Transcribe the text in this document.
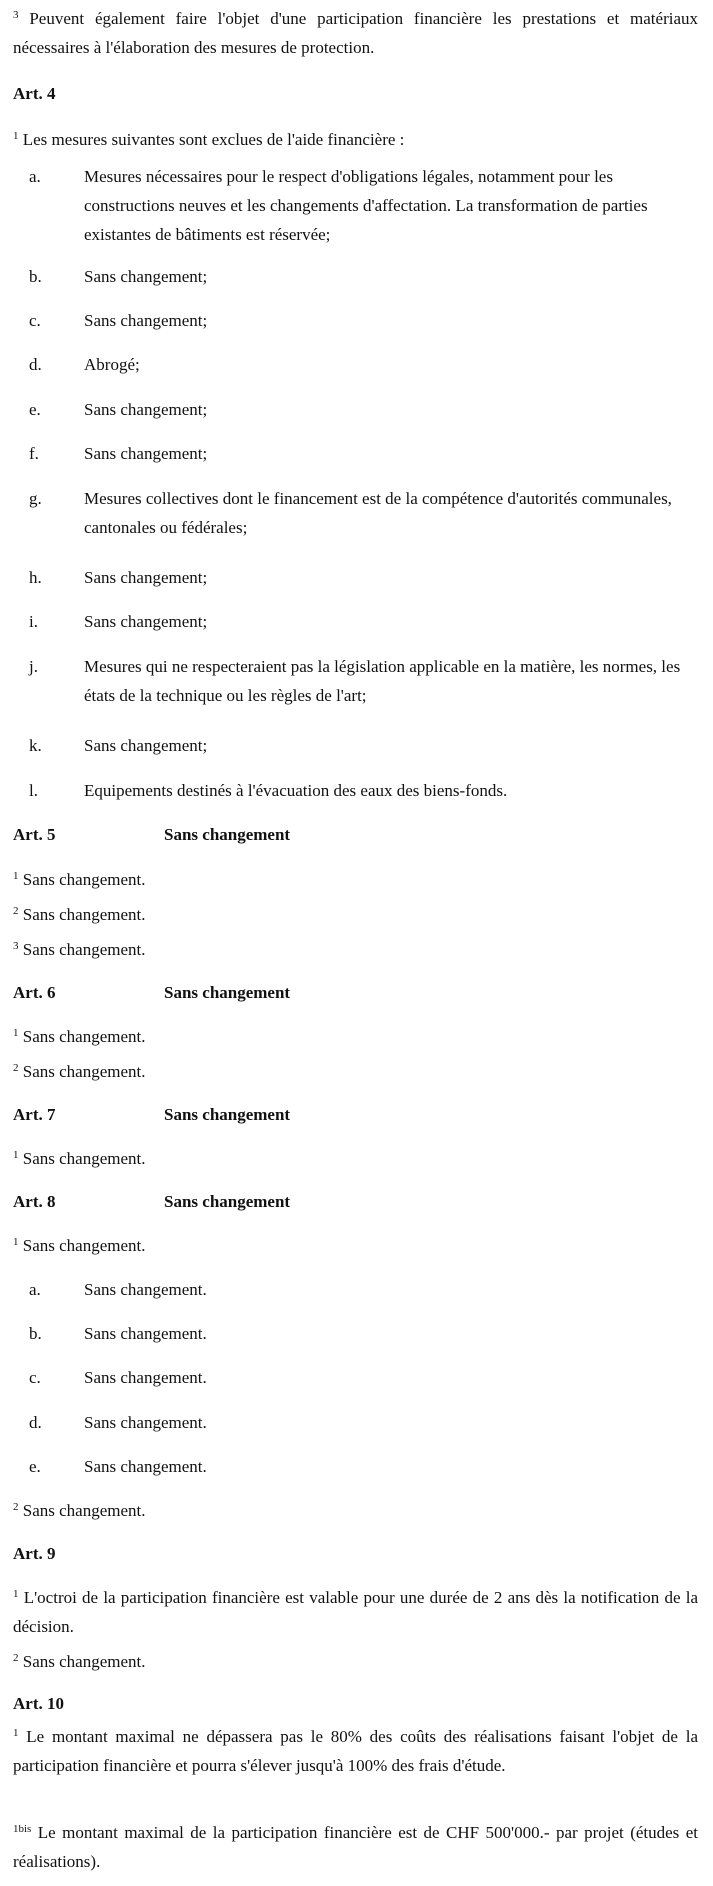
$^3$ Peuvent également faire l'objet d'une participation financière les prestations et matériaux nécessaires à l'élaboration des mesures de protection.
Art. 4
$^1$ Les mesures suivantes sont exclues de l'aide financière :
a.	Mesures nécessaires pour le respect d'obligations légales, notamment pour les constructions neuves et les changements d'affectation. La transformation de parties existantes de bâtiments est réservée;
b. Sans changement;
c.	Sans changement;
d. Abrogé;
e.	Sans changement;
f.	Sans changement;
g. Mesures collectives dont le financement est de la compétence d'autorités communales, cantonales ou fédérales;
h. Sans changement;
i.	Sans changement;
j.	Mesures qui ne respecteraient pas la législation applicable en la matière, les normes, les états de la technique ou les règles de l'art;
k. Sans changement;
l.	Equipements destinés à l'évacuation des eaux des biens-fonds.
Art. 5	Sans changement
$^1$ Sans changement.
$^2$ Sans changement.
$^3$ Sans changement.
Art. 6	Sans changement
$^1$ Sans changement.
$^2$ Sans changement.
Art. 7	Sans changement
$^1$ Sans changement.
Art. 8	Sans changement
$^1$ Sans changement.
a.	Sans changement.
b. Sans changement.
c.	Sans changement.
d. Sans changement.
e.	Sans changement.
$^2$ Sans changement.
Art. 9
$^1$ L'octroi de la participation financière est valable pour une durée de 2 ans dès la notification de la décision.
$^2$ Sans changement.
Art. 10
$^1$ Le montant maximal ne dépassera pas le 80% des coûts des réalisations faisant l'objet de la participation financière et pourra s'élever jusqu'à 100% des frais d'étude.
$^{1bis}$ Le montant maximal de la participation financière est de CHF 500'000.- par projet (études et réalisations).
